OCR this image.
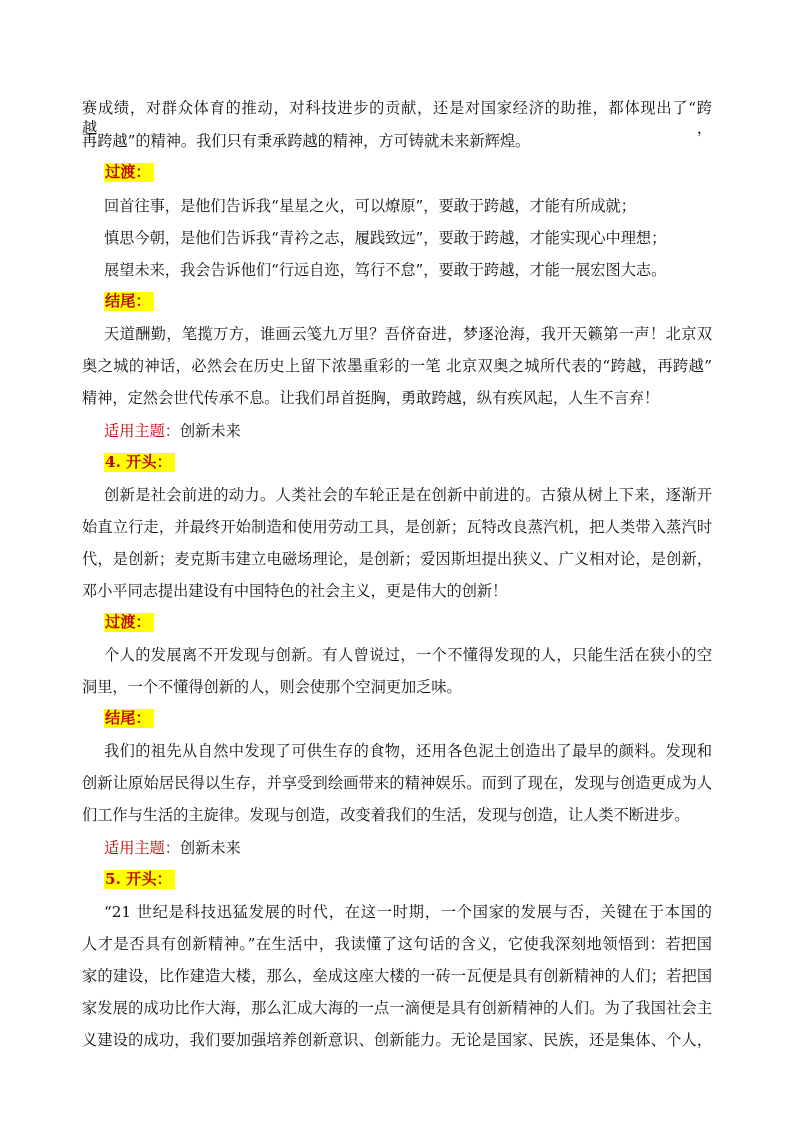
赛成绩，对群众体育的推动，对科技进步的贡献，还是对国家经济的助推，都体现出了“跨越，
再跨越”的精神。我们只有秉承跨越的精神，方可铸就未来新辉煌。
过渡：
回首往事，是他们告诉我“星星之火，可以燎原”，要敢于跨越，才能有所成就；
慎思今朝，是他们告诉我“青衿之志，履践致远”，要敢于跨越，才能实现心中理想；
展望未来，我会告诉他们“行远自迩，笃行不怠”，要敢于跨越，才能一展宏图大志。
结尾：
天道酬勤，笔揽万方，谁画云笺九万里？吾侪奋进，梦逐沧海，我开天籁第一声！北京双
奥之城的神话，必然会在历史上留下浓墨重彩的一笔 北京双奥之城所代表的“跨越，再跨越”
精神，定然会世代传承不息。让我们昂首挺胸，勇敢跨越，纵有疾风起，人生不言弃！
适用主题：创新未来
4. 开头：
创新是社会前进的动力。人类社会的车轮正是在创新中前进的。古猿从树上下来，逐渐开
始直立行走，并最终开始制造和使用劳动工具，是创新；瓦特改良蒸汽机，把人类带入蒸汽时
代，是创新；麦克斯韦建立电磁场理论，是创新；爱因斯坦提出狭义、广义相对论，是创新，
邓小平同志提出建设有中国特色的社会主义，更是伟大的创新！
过渡：
个人的发展离不开发现与创新。有人曾说过，一个不懂得发现的人，只能生活在狭小的空
洞里，一个不懂得创新的人，则会使那个空洞更加乏味。
结尾：
我们的祖先从自然中发现了可供生存的食物，还用各色泥土创造出了最早的颜料。发现和
创新让原始居民得以生存，并享受到绘画带来的精神娱乐。而到了现在，发现与创造更成为人
们工作与生活的主旋律。发现与创造，改变着我们的生活，发现与创造，让人类不断进步。
适用主题：创新未来
5. 开头：
“21 世纪是科技迅猛发展的时代，在这一时期，一个国家的发展与否，关键在于本国的
人才是否具有创新精神。”在生活中，我读懂了这句话的含义，它使我深刻地领悟到：若把国
家的建设，比作建造大楼，那么，垒成这座大楼的一砖一瓦便是具有创新精神的人们；若把国
家发展的成功比作大海，那么汇成大海的一点一滴便是具有创新精神的人们。为了我国社会主
义建设的成功，我们要加强培养创新意识、创新能力。无论是国家、民族，还是集体、个人，
